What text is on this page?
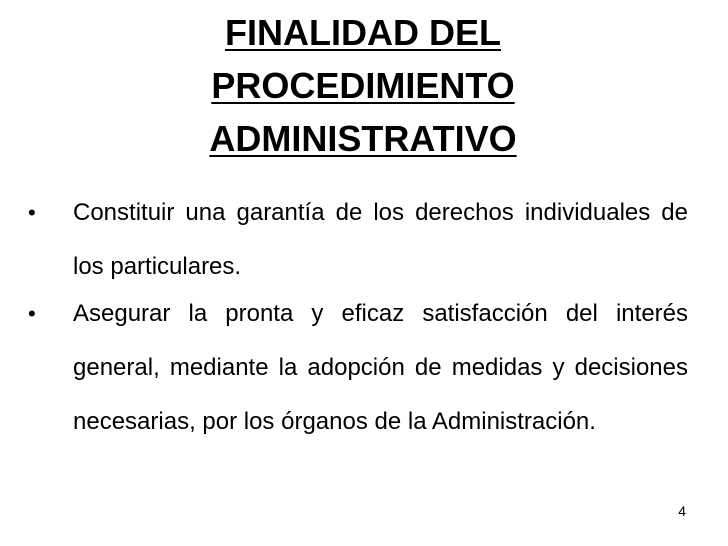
FINALIDAD DEL
PROCEDIMIENTO
ADMINISTRATIVO
•	Constituir una garantía de los derechos individuales de los particulares.
•	Asegurar la pronta y eficaz satisfacción del interés general, mediante la adopción de medidas y decisiones necesarias, por los órganos de la Administración.
4
